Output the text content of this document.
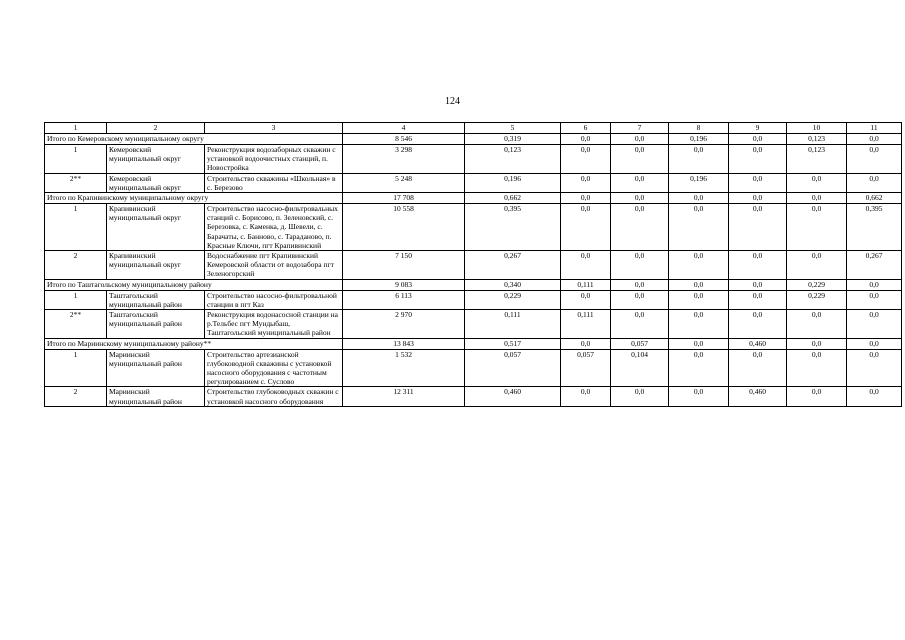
124
1	2	3	4	5	6	7	8	9	10	11
Итого по Кемеровскому муниципальному округу			8 546	0,319	0,0	0,0	0,196	0,0	0,123	0,0
1	Кемеровский муниципальный округ	Реконструкция водозаборных скважин с установкой водоочистных станций, п. Новостройка	3 298	0,123	0,0	0,0	0,0	0,0	0,123	0,0
2**	Кемеровский муниципальный округ	Строительство скважины «Школьная» в с. Березово	5 248	0,196	0,0	0,0	0,196	0,0	0,0	0,0
Итого по Крапивинскому муниципальному округу			17 708	0,662	0,0	0,0	0,0	0,0	0,0	0,662
1	Крапивинский муниципальный округ	Строительство насосно-фильтровальных станций с. Борисово, п. Зеленовский, с. Березовка, с. Каменка, д. Шевели, с. Барачаты, с. Банново, с. Тараданово, п. Красные Ключи, пгт Крапивинский	10 558	0,395	0,0	0,0	0,0	0,0	0,0	0,395
2	Крапивинский муниципальный округ	Водоснабжение пгт Крапивинский Кемеровской области от водозабора пгт Зеленогорский	7 150	0,267	0,0	0,0	0,0	0,0	0,0	0,267
Итого по Таштагольскому муниципальному району			9 083	0,340	0,111	0,0	0,0	0,0	0,229	0,0
1	Таштагольский муниципальный район	Строительство насосно-фильтровальной станции в пгт Каз	6 113	0,229	0,0	0,0	0,0	0,0	0,229	0,0
2**	Таштагольский муниципальный район	Реконструкция водонасосной станции на р.Тельбес пгт Мундыбаш, Таштагольский муниципальный район	2 970	0,111	0,111	0,0	0,0	0,0	0,0	0,0
Итого по Мариинскому муниципальному району**			13 843	0,517	0,0	0,057	0,0	0,460	0,0	0,0
1	Мариинский муниципальный район	Строительство артезианской глубоководной скважины с установкой насосного оборудования с частотным регулированием с. Суслово	1 532	0,057	0,057	0,104	0,0	0,0	0,0	0,0
2	Мариинский муниципальный район	Строительство глубоководных скважин с установкой насосного оборудования	12 311	0,460	0,0	0,0	0,0	0,460	0,0	0,0
